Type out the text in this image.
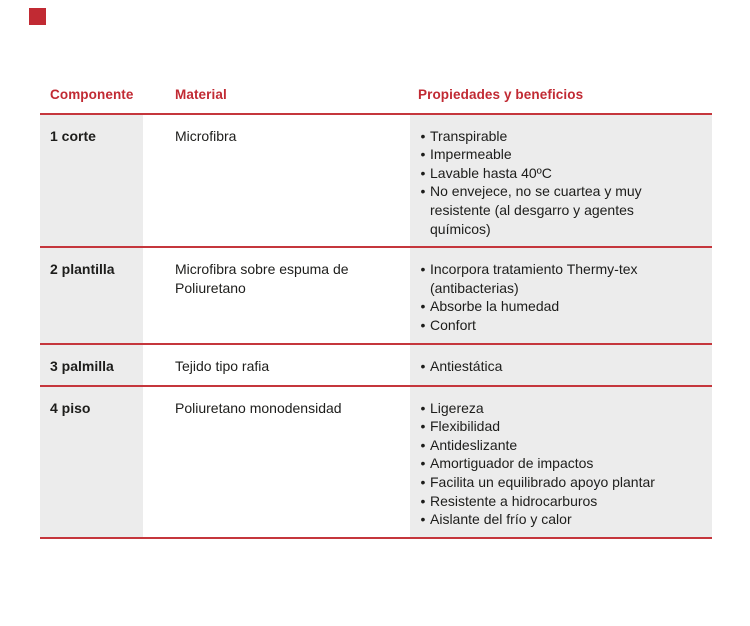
Componente	Material	Propiedades y beneficios
1 corte	Microfibra	• Transpirable
• Impermeable
• Lavable hasta 40ºC
• No envejece, no se cuartea y muy resistente (al desgarro y agentes químicos)
2 plantilla	Microfibra sobre espuma de Poliuretano
• Incorpora tratamiento Thermy-tex (antibacterias)
• Absorbe la humedad
• Confort
3 palmilla	Tejido tipo rafia	• Antiestática
4 piso	Poliuretano monodensidad	• Ligereza
• Flexibilidad
• Antideslizante
• Amortiguador de impactos
• Facilita un equilibrado apoyo plantar
• Resistente a hidrocarburos
• Aislante del frío y calor
